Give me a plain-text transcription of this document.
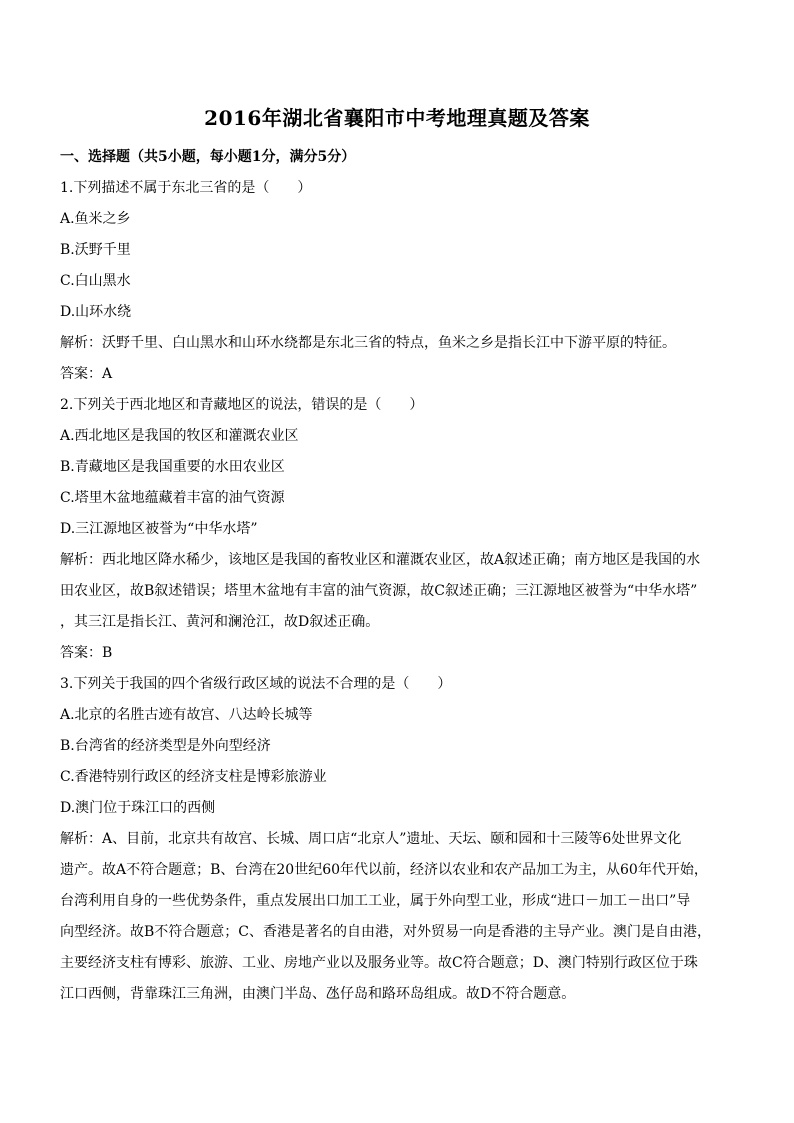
2016年湖北省襄阳市中考地理真题及答案
一、选择题（共5小题，每小题1分，满分5分）
1.下列描述不属于东北三省的是（　　）
A.鱼米之乡
B.沃野千里
C.白山黑水
D.山环水绕
解析：沃野千里、白山黑水和山环水绕都是东北三省的特点，鱼米之乡是指长江中下游平原的特征。
答案：A
2.下列关于西北地区和青藏地区的说法，错误的是（　　）
A.西北地区是我国的牧区和灌溉农业区
B.青藏地区是我国重要的水田农业区
C.塔里木盆地蕴藏着丰富的油气资源
D.三江源地区被誉为“中华水塔”
解析：西北地区降水稀少，该地区是我国的畜牧业区和灌溉农业区，故A叙述正确；南方地区是我国的水
田农业区，故B叙述错误；塔里木盆地有丰富的油气资源，故C叙述正确；三江源地区被誉为“中华水塔”
，其三江是指长江、黄河和澜沧江，故D叙述正确。
答案：B
3.下列关于我国的四个省级行政区域的说法不合理的是（　　）
A.北京的名胜古迹有故宫、八达岭长城等
B.台湾省的经济类型是外向型经济
C.香港特别行政区的经济支柱是博彩旅游业
D.澳门位于珠江口的西侧
解析：A、目前，北京共有故宫、长城、周口店“北京人”遗址、天坛、颐和园和十三陵等6处世界文化
遗产。故A不符合题意；B、台湾在20世纪60年代以前，经济以农业和农产品加工为主，从60年代开始，
台湾利用自身的一些优势条件，重点发展出口加工工业，属于外向型工业，形成“进口－加工－出口”导
向型经济。故B不符合题意；C、香港是著名的自由港，对外贸易一向是香港的主导产业。澳门是自由港，
主要经济支柱有博彩、旅游、工业、房地产业以及服务业等。故C符合题意；D、澳门特别行政区位于珠
江口西侧，背靠珠江三角洲，由澳门半岛、氹仔岛和路环岛组成。故D不符合题意。
